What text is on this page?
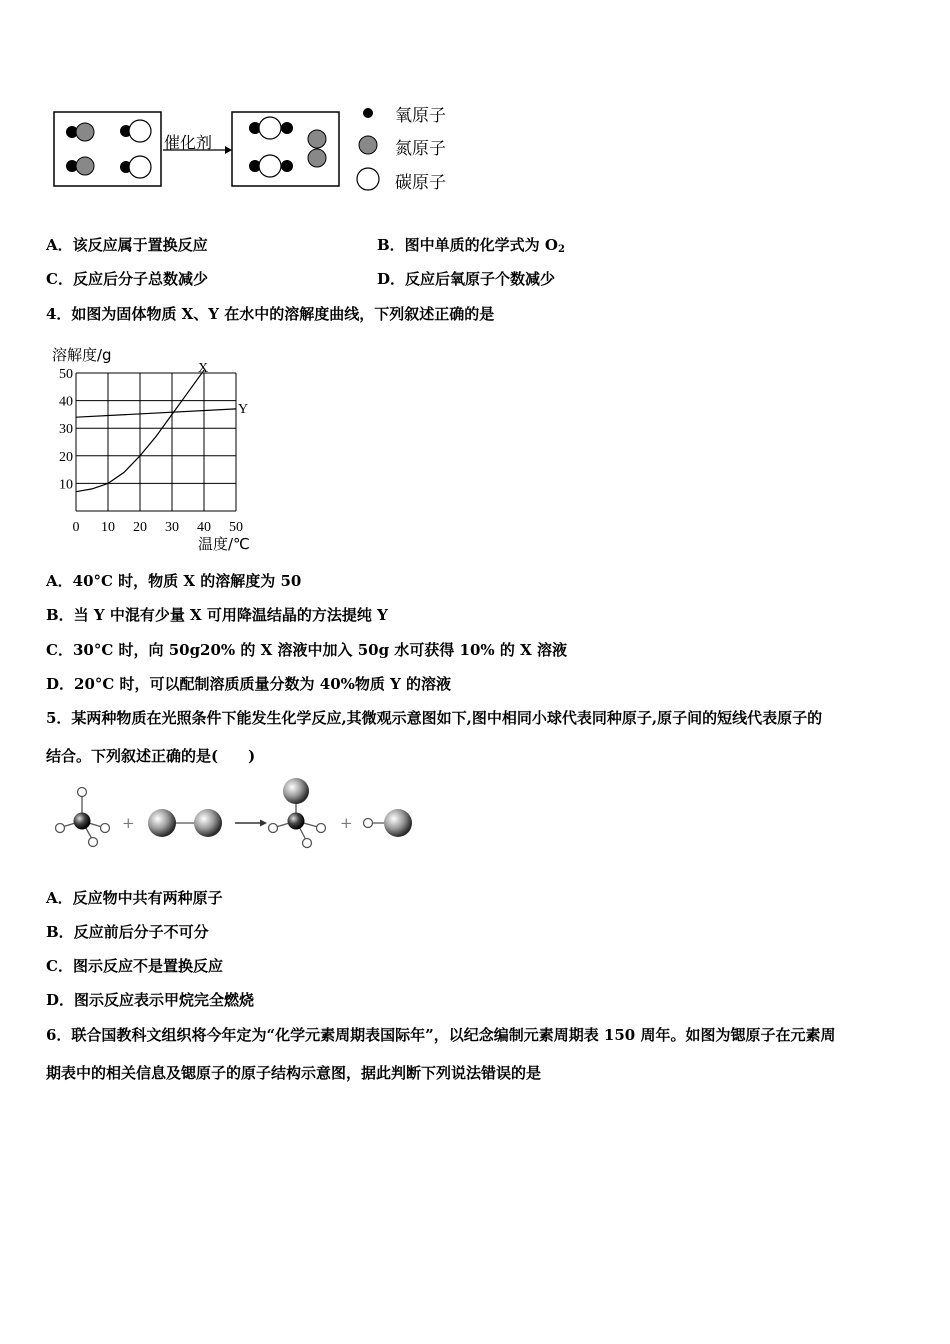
催化剂
氧原子
氮原子
碳原子
A．该反应属于置换反应	B．图中单质的化学式为 $O_2$
C．反应后分子总数减少	D．反应后氧原子个数减少
4．如图为固体物质 X、Y 在水中的溶解度曲线，下列叙述正确的是
0 10 20 30 40 50
10
20
30
40
50
溶解度/g
温度/℃
X
Y
A．40°C 时，物质 X 的溶解度为 50
B．当 Y 中混有少量 X 可用降温结晶的方法提纯 Y
C．30°C 时，向 50g20% 的 X 溶液中加入 50g 水可获得 10% 的 X 溶液
D．20°C 时，可以配制溶质质量分数为 40%物质 Y 的溶液
5．某两种物质在光照条件下能发生化学反应,其微观示意图如下,图中相同小球代表同种原子,原子间的短线代表原子的
结合。下列叙述正确的是(　　)
+	+
A．反应物中共有两种原子
B．反应前后分子不可分
C．图示反应不是置换反应
D．图示反应表示甲烷完全燃烧
6．联合国教科文组织将今年定为“化学元素周期表国际年”，以纪念编制元素周期表 150 周年。如图为锶原子在元素周
期表中的相关信息及锶原子的原子结构示意图，据此判断下列说法错误的是
